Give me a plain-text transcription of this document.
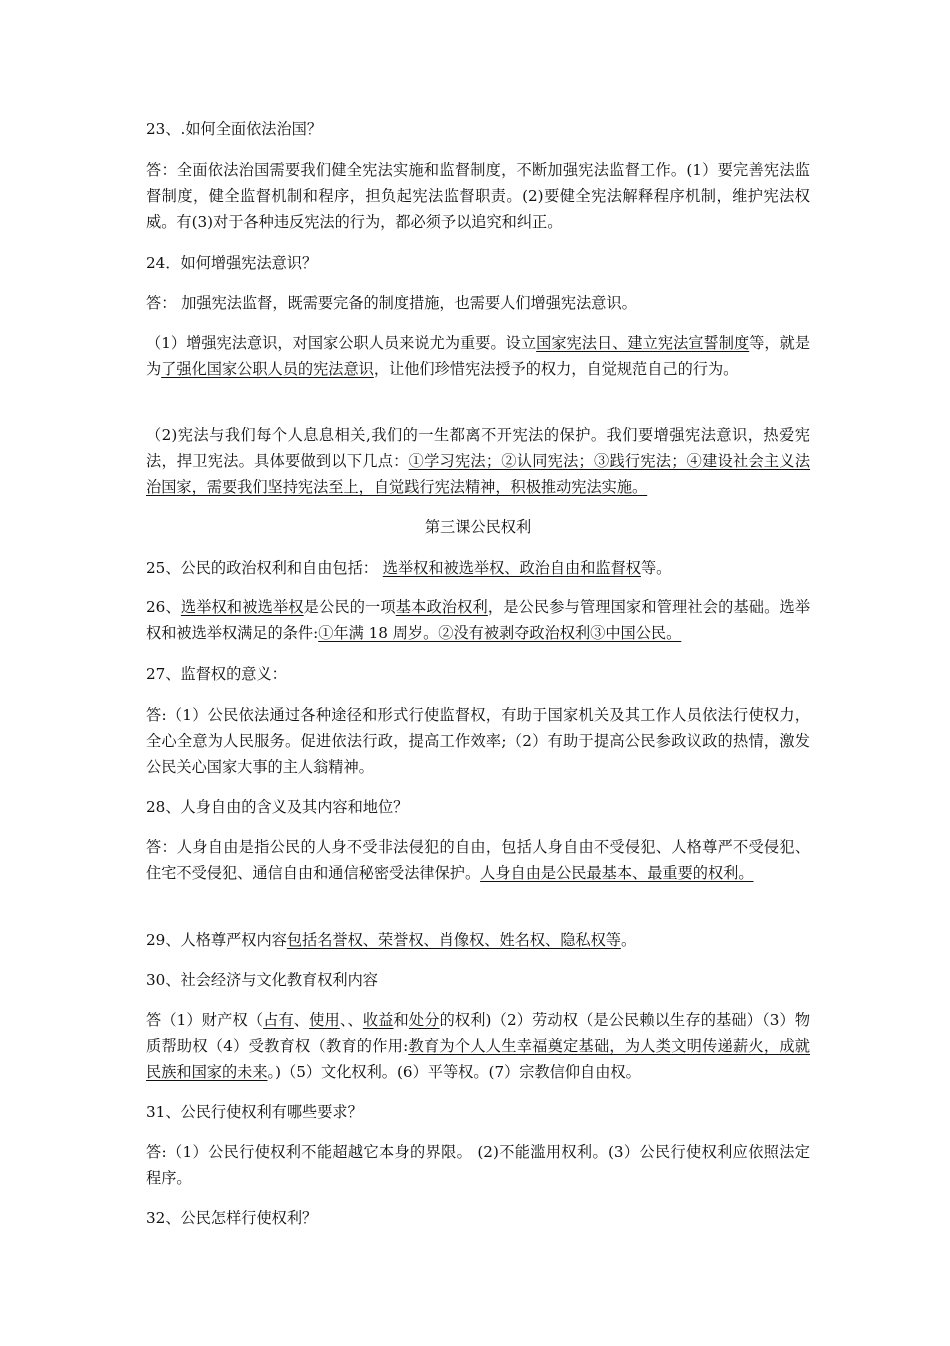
23、.如何全面依法治国？

答：全面依法治国需要我们健全宪法实施和监督制度，不断加强宪法监督工作。(1）要完善宪法监督制度，健全监督机制和程序，担负起宪法监督职责。(2)要健全宪法解释程序机制，维护宪法权威。有(3)对于各种违反宪法的行为，都必须予以追究和纠正。

24．如何增强宪法意识？

答： 加强宪法监督，既需要完备的制度措施，也需要人们增强宪法意识。

（1）增强宪法意识，对国家公职人员来说尤为重要。设立国家宪法日、建立宪法宣誓制度等，就是为了强化国家公职人员的宪法意识，让他们珍惜宪法授予的权力，自觉规范自己的行为。

（2)宪法与我们每个人息息相关,我们的一生都离不开宪法的保护。我们要增强宪法意识，热爱宪法，捍卫宪法。具体要做到以下几点：①学习宪法；②认同宪法；③践行宪法；④建设社会主义法治国家，需要我们坚持宪法至上，自觉践行宪法精神，积极推动宪法实施。

第三课公民权利

25、公民的政治权利和自由包括： 选举权和被选举权、政治自由和监督权等。

26、选举权和被选举权是公民的一项基本政治权利，是公民参与管理国家和管理社会的基础。选举权和被选举权满足的条件:①年满 18 周岁。②没有被剥夺政治权利③中国公民。

27、监督权的意义：

答:（1）公民依法通过各种途径和形式行使监督权，有助于国家机关及其工作人员依法行使权力，全心全意为人民服务。促进依法行政，提高工作效率;（2）有助于提高公民参政议政的热情，激发公民关心国家大事的主人翁精神。

28、人身自由的含义及其内容和地位？

答：人身自由是指公民的人身不受非法侵犯的自由，包括人身自由不受侵犯、人格尊严不受侵犯、住宅不受侵犯、通信自由和通信秘密受法律保护。人身自由是公民最基本、最重要的权利。

29、人格尊严权内容包括名誉权、荣誉权、肖像权、姓名权、隐私权等。

30、社会经济与文化教育权利内容

答（1）财产权（占有、使用、、收益和处分的权利)（2）劳动权（是公民赖以生存的基础）（3）物质帮助权（4）受教育权（教育的作用:教育为个人人生幸福奠定基础，为人类文明传递薪火，成就民族和国家的未来。)（5）文化权利。(6）平等权。(7）宗教信仰自由权。

31、公民行使权利有哪些要求？

答:（1）公民行使权利不能超越它本身的界限。 (2)不能滥用权利。(3）公民行使权利应依照法定程序。

32、公民怎样行使权利？
